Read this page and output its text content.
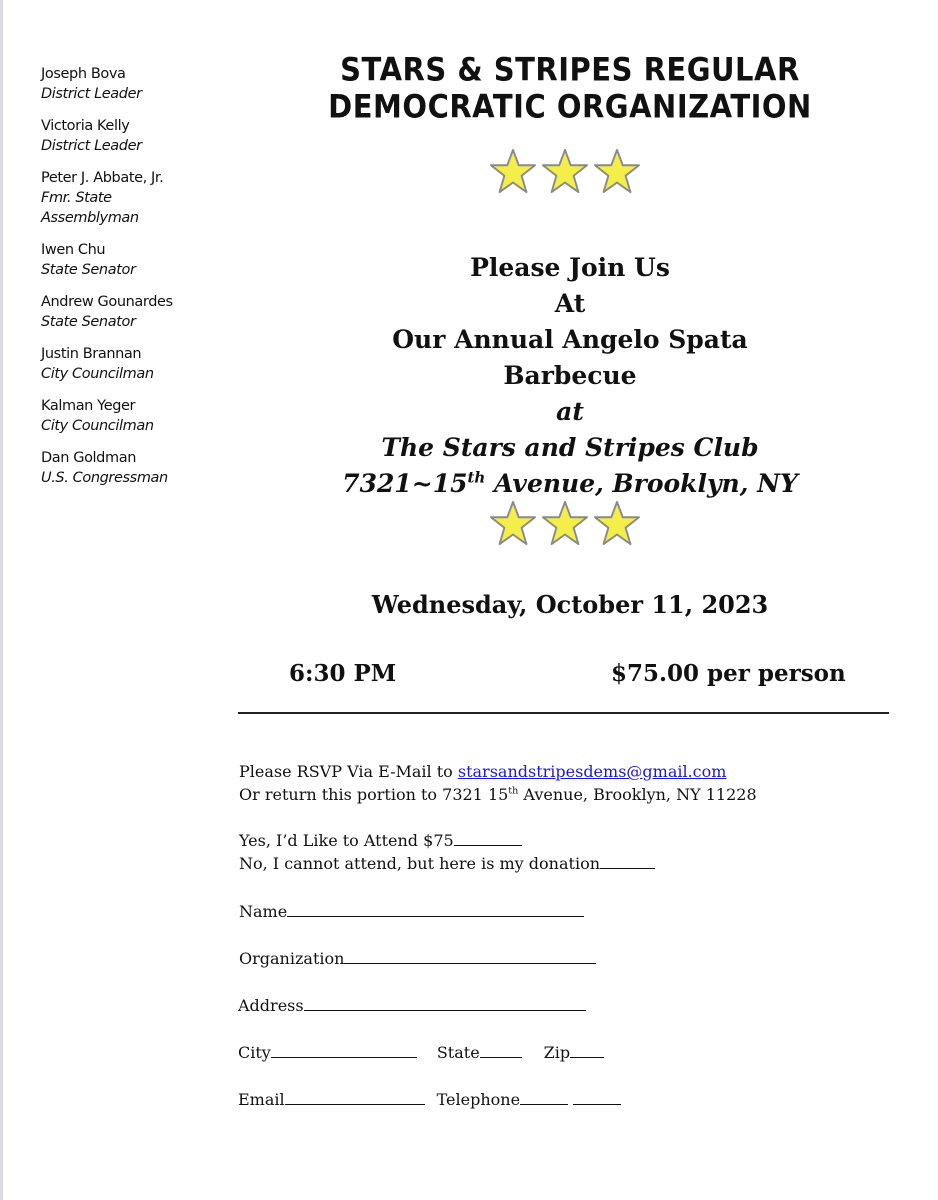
Joseph Bova
District Leader
Victoria Kelly
District Leader
Peter J. Abbate, Jr.
Fmr. State Assemblyman
Iwen Chu
State Senator
Andrew Gounardes
State Senator
Justin Brannan
City Councilman
Kalman Yeger
City Councilman
Dan Goldman
U.S. Congressman
STARS & STRIPES REGULAR
DEMOCRATIC ORGANIZATION
Please Join Us
At
Our Annual Angelo Spata
Barbecue
at
The Stars and Stripes Club
7321~15th Avenue, Brooklyn, NY
Wednesday, October 11, 2023
6:30 PM	$75.00 per person
Please RSVP Via E-Mail to starsandstripesdems@gmail.com
Or return this portion to 7321 15th Avenue, Brooklyn, NY 11228
Yes, I’d Like to Attend $75
No, I cannot attend, but here is my donation
Name
Organization
Address
City	State	Zip
Email	Telephone
